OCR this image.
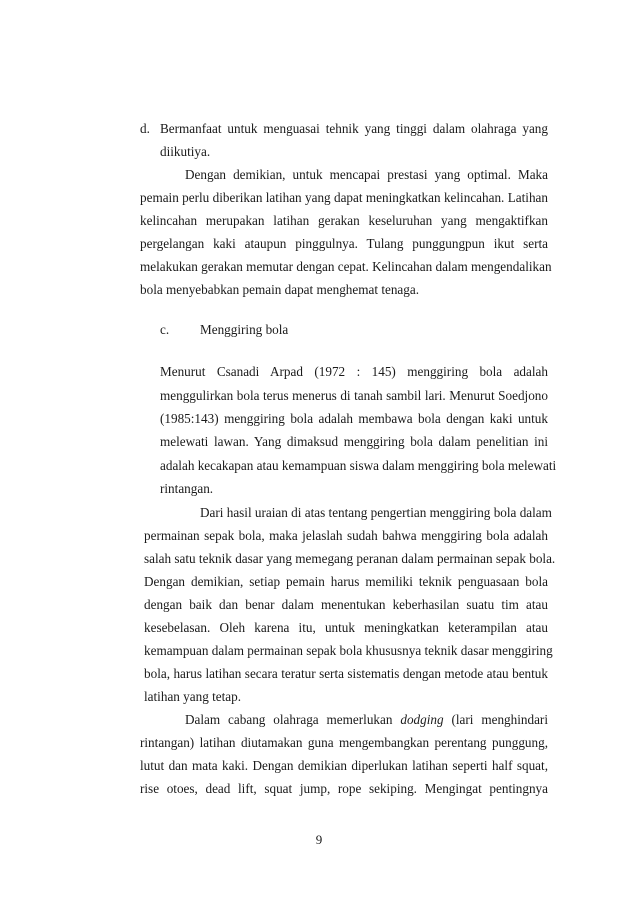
d. Bermanfaat untuk menguasai tehnik yang tinggi dalam olahraga yang
diikutiya.
Dengan demikian, untuk mencapai prestasi yang optimal. Maka
pemain perlu diberikan latihan yang dapat meningkatkan kelincahan. Latihan
kelincahan merupakan latihan gerakan keseluruhan yang mengaktifkan
pergelangan kaki ataupun pinggulnya. Tulang punggungpun ikut serta
melakukan gerakan memutar dengan cepat. Kelincahan dalam mengendalikan
bola menyebabkan pemain dapat menghemat tenaga.
c. Menggiring bola
Menurut Csanadi Arpad (1972 : 145) menggiring bola adalah
menggulirkan bola terus menerus di tanah sambil lari. Menurut Soedjono
(1985:143) menggiring bola adalah membawa bola dengan kaki untuk
melewati lawan. Yang dimaksud menggiring bola dalam penelitian ini
adalah kecakapan atau kemampuan siswa dalam menggiring bola melewati
rintangan.
Dari hasil uraian di atas tentang pengertian menggiring bola dalam
permainan sepak bola, maka jelaslah sudah bahwa menggiring bola adalah
salah satu teknik dasar yang memegang peranan dalam permainan sepak bola.
Dengan demikian, setiap pemain harus memiliki teknik penguasaan bola
dengan baik dan benar dalam menentukan keberhasilan suatu tim atau
kesebelasan. Oleh karena itu, untuk meningkatkan keterampilan atau
kemampuan dalam permainan sepak bola khususnya teknik dasar menggiring
bola, harus latihan secara teratur serta sistematis dengan metode atau bentuk
latihan yang tetap.
Dalam cabang olahraga memerlukan dodging (lari menghindari
rintangan) latihan diutamakan guna mengembangkan perentang punggung,
lutut dan mata kaki. Dengan demikian diperlukan latihan seperti half squat,
rise otoes, dead lift, squat jump, rope sekiping. Mengingat pentingnya
9
